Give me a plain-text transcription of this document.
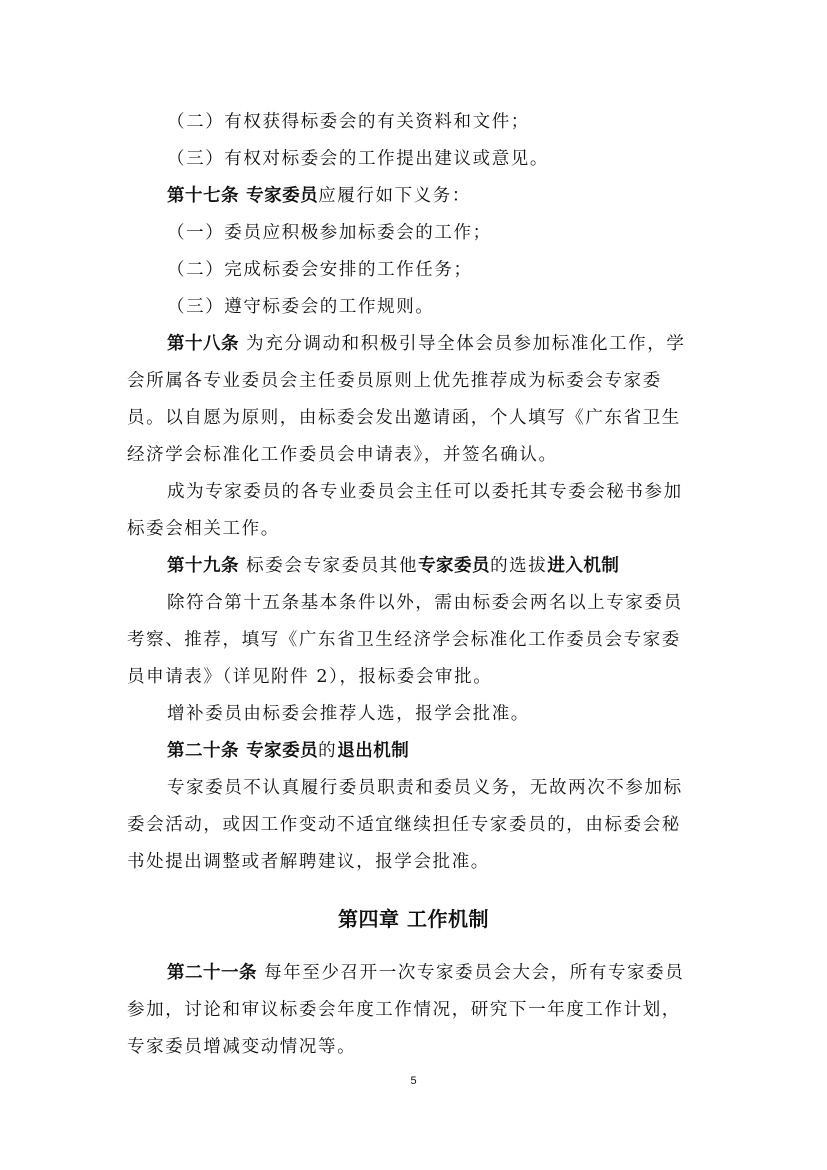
（二）有权获得标委会的有关资料和文件；
（三）有权对标委会的工作提出建议或意见。
第十七条 专家委员应履行如下义务：
（一）委员应积极参加标委会的工作；
（二）完成标委会安排的工作任务；
（三）遵守标委会的工作规则。
第十八条 为充分调动和积极引导全体会员参加标准化工作，学
会所属各专业委员会主任委员原则上优先推荐成为标委会专家委
员。以自愿为原则，由标委会发出邀请函，个人填写《广东省卫生
经济学会标准化工作委员会申请表》，并签名确认。
成为专家委员的各专业委员会主任可以委托其专委会秘书参加
标委会相关工作。
第十九条 标委会专家委员其他专家委员的选拔进入机制
除符合第十五条基本条件以外，需由标委会两名以上专家委员
考察、推荐，填写《广东省卫生经济学会标准化工作委员会专家委
员申请表》（详见附件 2），报标委会审批。
增补委员由标委会推荐人选，报学会批准。
第二十条 专家委员的退出机制
专家委员不认真履行委员职责和委员义务，无故两次不参加标
委会活动，或因工作变动不适宜继续担任专家委员的，由标委会秘
书处提出调整或者解聘建议，报学会批准。
第四章 工作机制
第二十一条 每年至少召开一次专家委员会大会，所有专家委员
参加，讨论和审议标委会年度工作情况，研究下一年度工作计划，
专家委员增减变动情况等。
5
